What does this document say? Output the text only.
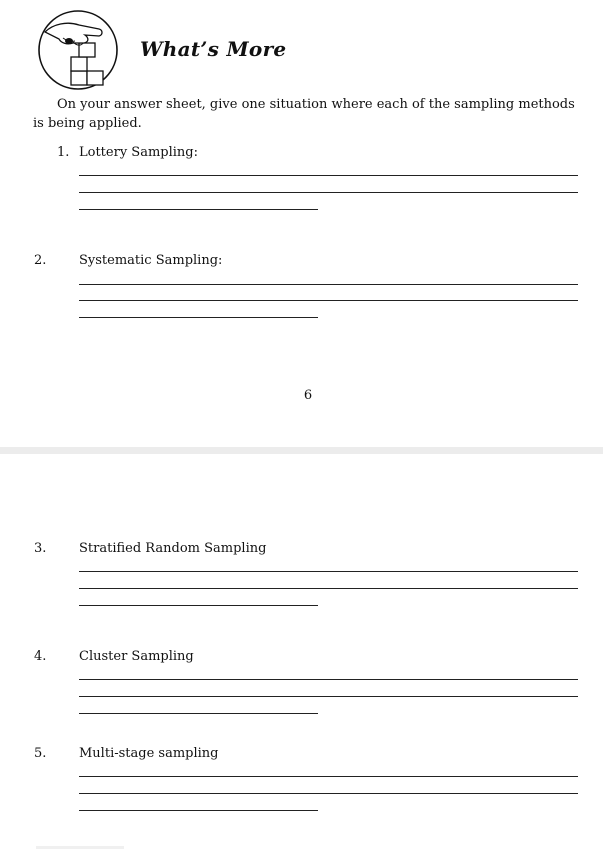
What’s More
On your answer sheet, give one situation where each of the sampling methods is being applied.
1. Lottery Sampling:
2.	Systematic Sampling:
6
3.	Stratified Random Sampling
4.	Cluster Sampling
5.	Multi-stage sampling
